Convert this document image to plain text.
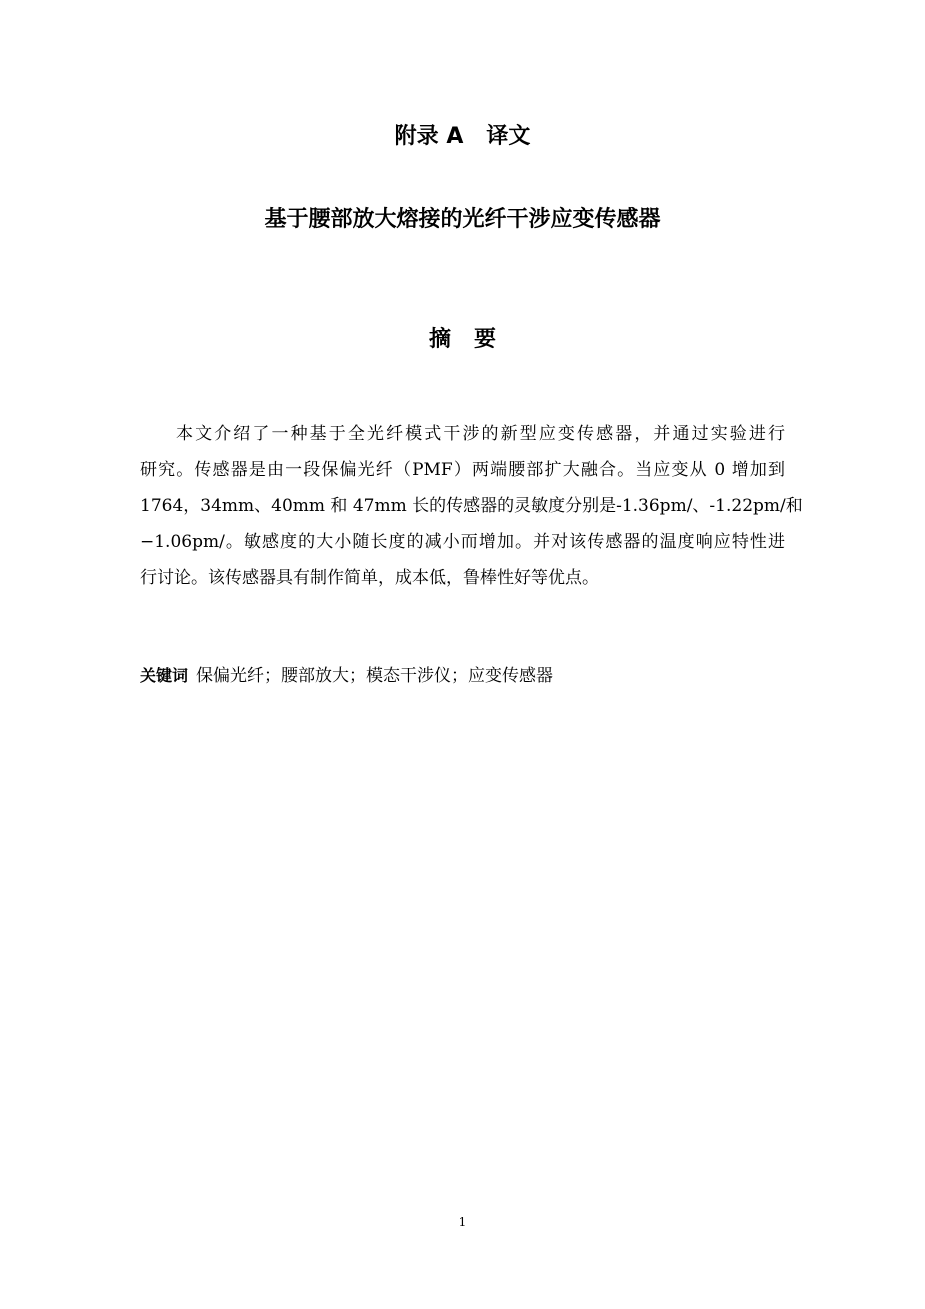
附录 A   译文
基于腰部放大熔接的光纤干涉应变传感器
摘   要

本文介绍了一种基于全光纤模式干涉的新型应变传感器，并通过实验进行
研究。传感器是由一段保偏光纤（PMF）两端腰部扩大融合。当应变从 0 增加到
1764，34mm、40mm 和 47mm 长的传感器的灵敏度分别是-1.36pm/、-1.22pm/和
−1.06pm/。敏感度的大小随长度的减小而增加。并对该传感器的温度响应特性进
行讨论。该传感器具有制作简单，成本低，鲁棒性好等优点。

关键词 保偏光纤；腰部放大；模态干涉仪；应变传感器
1
